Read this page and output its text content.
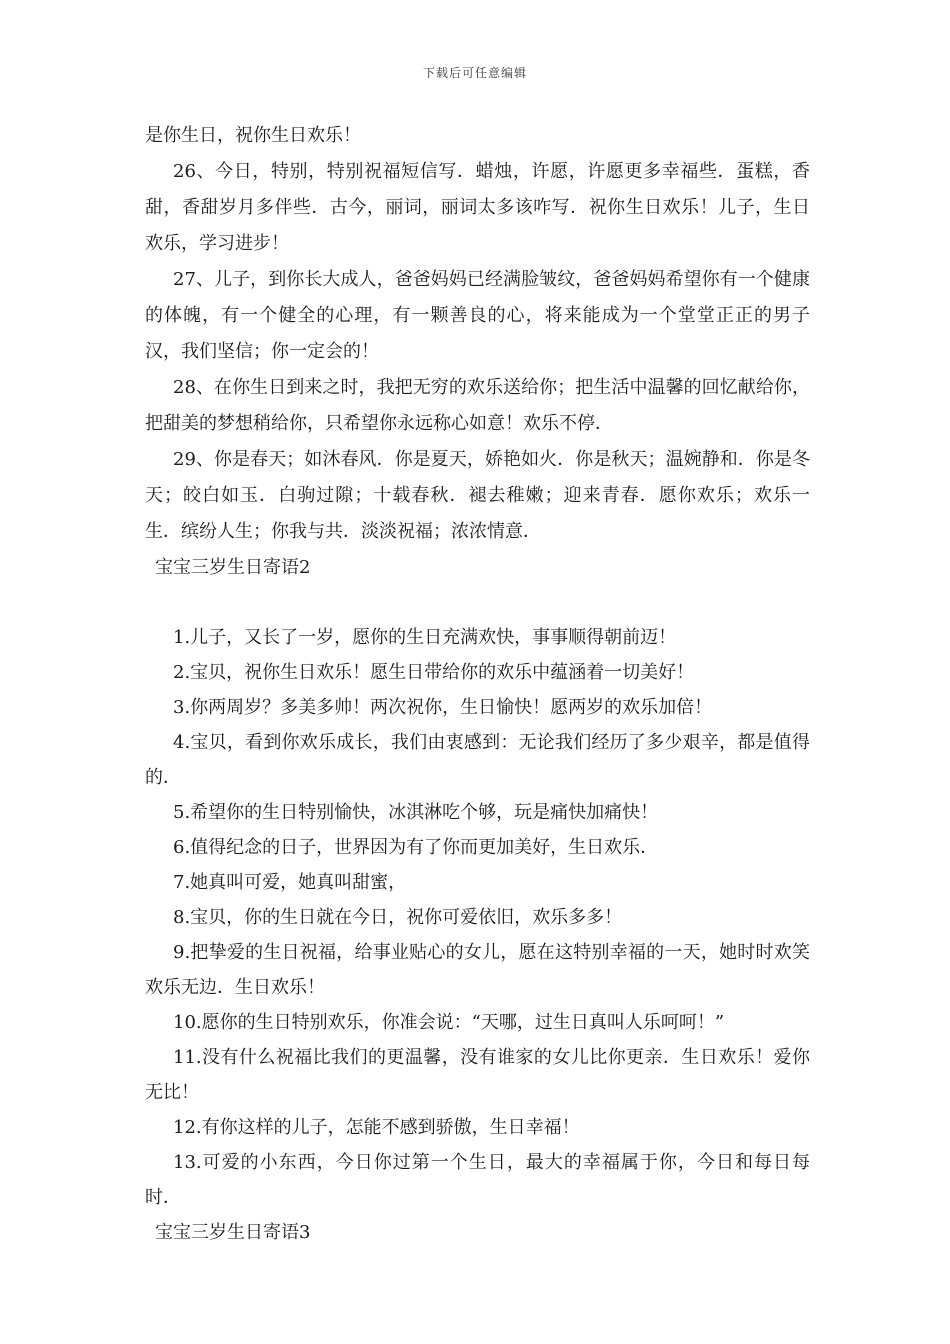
下载后可任意编辑

是你生日，祝你生日欢乐！

26、今日，特别，特别祝福短信写．蜡烛，许愿，许愿更多幸福些．蛋糕，香甜，香甜岁月多伴些．古今，丽词，丽词太多该咋写．祝你生日欢乐！儿子，生日欢乐，学习进步！

27、儿子，到你长大成人，爸爸妈妈已经满脸皱纹，爸爸妈妈希望你有一个健康的体魄，有一个健全的心理，有一颗善良的心，将来能成为一个堂堂正正的男子汉，我们坚信；你一定会的！

28、在你生日到来之时，我把无穷的欢乐送给你；把生活中温馨的回忆献给你，把甜美的梦想稍给你，只希望你永远称心如意！欢乐不停．

29、你是春天；如沐春风．你是夏天，娇艳如火．你是秋天；温婉静和．你是冬天；皎白如玉．白驹过隙；十载春秋．褪去稚嫩；迎来青春．愿你欢乐；欢乐一生．缤纷人生；你我与共．淡淡祝福；浓浓情意．

宝宝三岁生日寄语2

1.儿子，又长了一岁，愿你的生日充满欢快，事事顺得朝前迈！

2.宝贝，祝你生日欢乐！愿生日带给你的欢乐中蕴涵着一切美好！

3.你两周岁？多美多帅！两次祝你，生日愉快！愿两岁的欢乐加倍！

4.宝贝，看到你欢乐成长，我们由衷感到：无论我们经历了多少艰辛，都是值得的．

5.希望你的生日特别愉快，冰淇淋吃个够，玩是痛快加痛快！

6.值得纪念的日子，世界因为有了你而更加美好，生日欢乐．

7.她真叫可爱，她真叫甜蜜，

8.宝贝，你的生日就在今日，祝你可爱依旧，欢乐多多！

9.把挚爱的生日祝福，给事业贴心的女儿，愿在这特别幸福的一天，她时时欢笑欢乐无边．生日欢乐！

10.愿你的生日特别欢乐，你准会说：“天哪，过生日真叫人乐呵呵！”

11.没有什么祝福比我们的更温馨，没有谁家的女儿比你更亲．生日欢乐！爱你无比！

12.有你这样的儿子，怎能不感到骄傲，生日幸福！

13.可爱的小东西，今日你过第一个生日，最大的幸福属于你，今日和每日每时．

宝宝三岁生日寄语3
